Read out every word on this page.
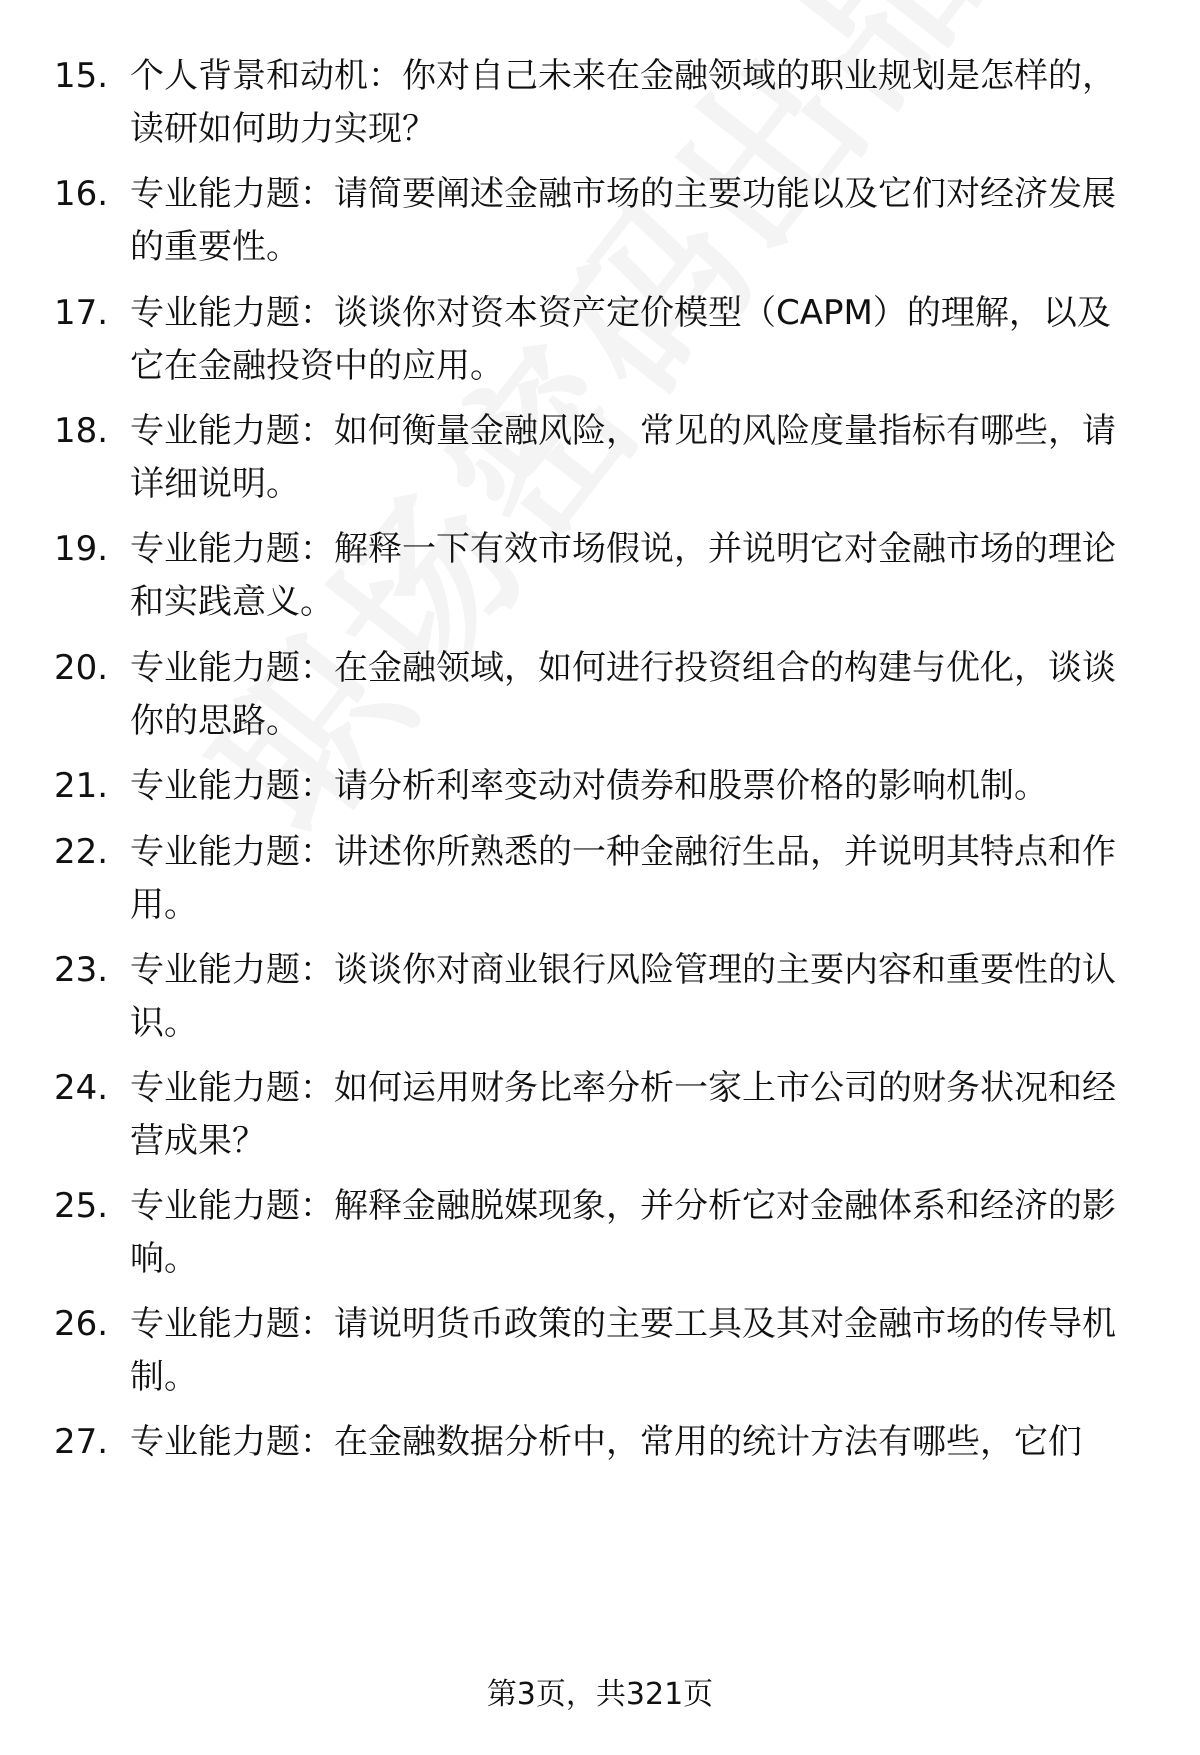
15. 个人背景和动机：你对自己未来在金融领域的职业规划是怎样的，读研如何助力实现？
16. 专业能力题：请简要阐述金融市场的主要功能以及它们对经济发展的重要性。
17. 专业能力题：谈谈你对资本资产定价模型（CAPM）的理解，以及它在金融投资中的应用。
18. 专业能力题：如何衡量金融风险，常见的风险度量指标有哪些，请详细说明。
19. 专业能力题：解释一下有效市场假说，并说明它对金融市场的理论和实践意义。
20. 专业能力题：在金融领域，如何进行投资组合的构建与优化，谈谈你的思路。
21. 专业能力题：请分析利率变动对债券和股票价格的影响机制。
22. 专业能力题：讲述你所熟悉的一种金融衍生品，并说明其特点和作用。
23. 专业能力题：谈谈你对商业银行风险管理的主要内容和重要性的认识。
24. 专业能力题：如何运用财务比率分析一家上市公司的财务状况和经营成果？
25. 专业能力题：解释金融脱媒现象，并分析它对金融体系和经济的影响。
26. 专业能力题：请说明货币政策的主要工具及其对金融市场的传导机制。
27. 专业能力题：在金融数据分析中，常用的统计方法有哪些，它们
第3页，共321页
